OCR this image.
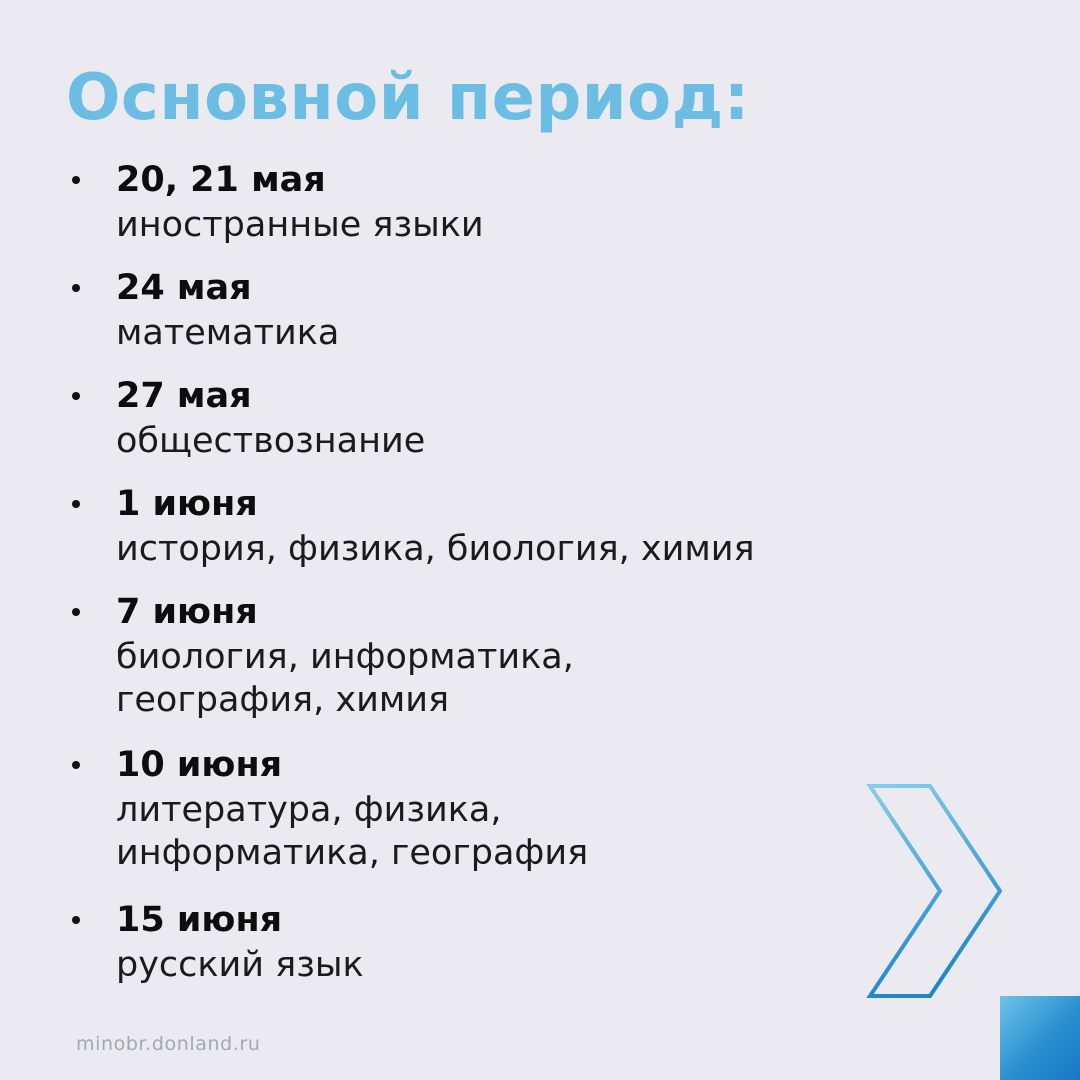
Основной период:
20, 21 мая
иностранные языки
24 мая
математика
27 мая
обществознание
1 июня
история, физика, биология, химия
7 июня
биология, информатика,
география, химия
10 июня
литература, физика,
информатика, география
15 июня
русский язык
minobr.donland.ru
